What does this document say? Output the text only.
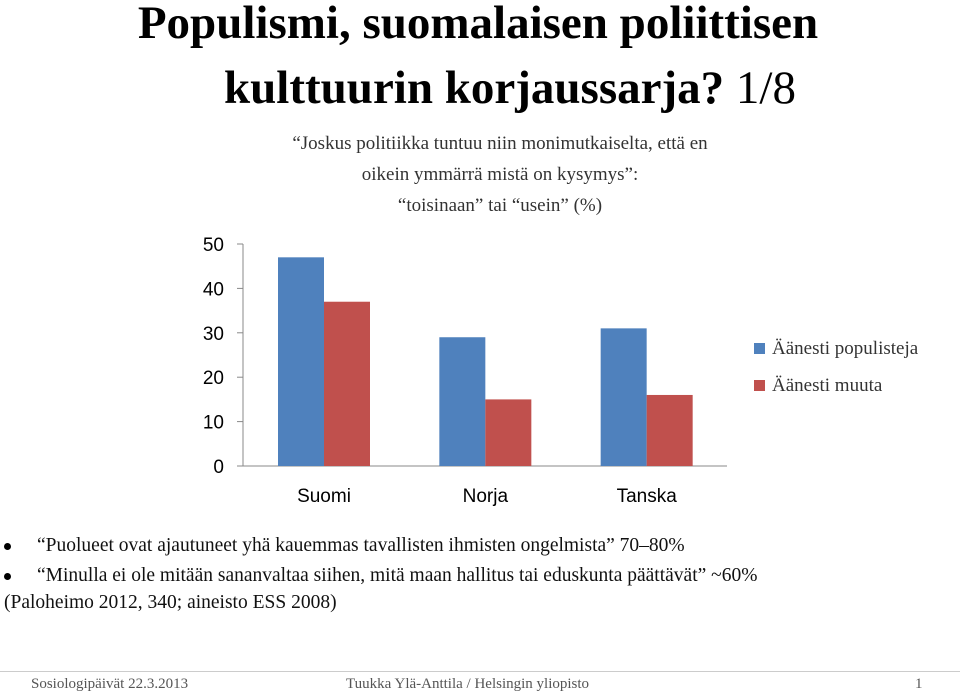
Populismi, suomalaisen poliittisen
kulttuurin korjaussarja? 1/8
“Joskus politiikka tuntuu niin monimutkaiselta, että en
oikein ymmärrä mistä on kysymys”:
“toisinaan” tai “usein” (%)
0
10
20
30
40
50
Suomi	Norja	Tanska
Äänesti populisteja
Äänesti muuta
“Puolueet ovat ajautuneet yhä kauemmas tavallisten ihmisten ongelmista” 70–80%
“Minulla ei ole mitään sananvaltaa siihen, mitä maan hallitus tai eduskunta päättävät” ~60%
(Paloheimo 2012, 340; aineisto ESS 2008)
Sosiologipäivät 22.3.2013	Tuukka Ylä-Anttila / Helsingin yliopisto	1
